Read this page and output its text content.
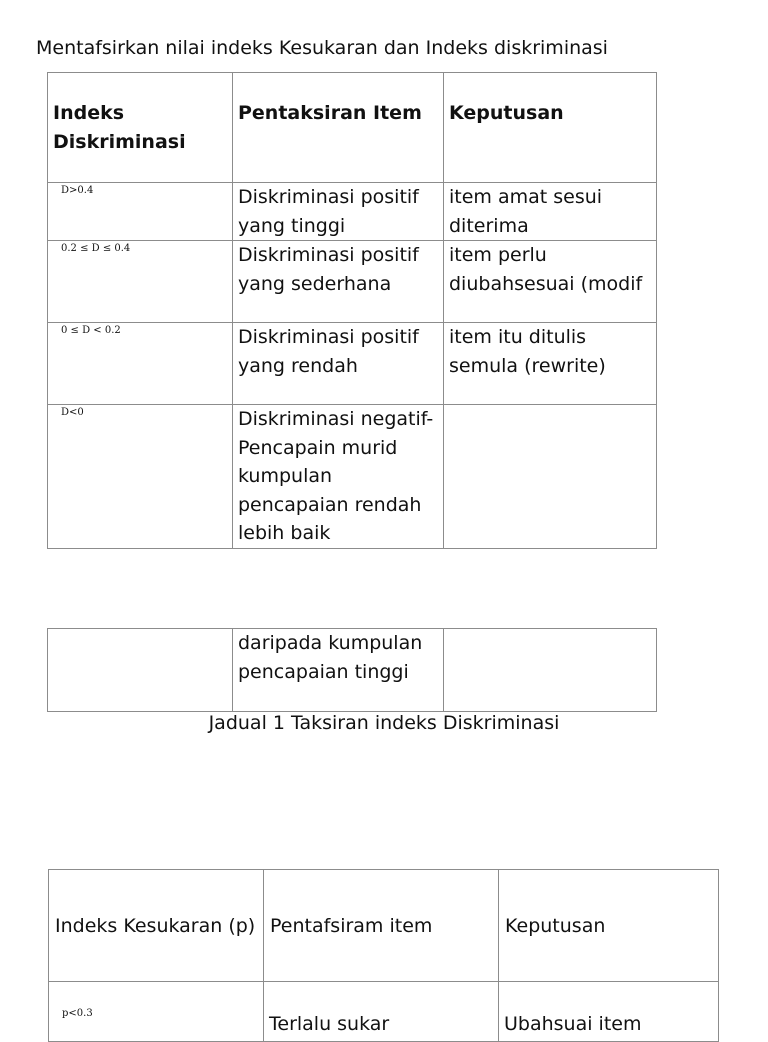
Mentafsirkan nilai indeks Kesukaran dan Indeks diskriminasi
Indeks Diskriminasi	Pentaksiran Item	Keputusan

D>0.4	Diskriminasi positif yang tinggi	item amat sesui diterima

0.2 ≤ D ≤ 0.4	Diskriminasi positif yang sederhana	item perlu diubahsesuai (modif

0 ≤ D < 0.2	Diskriminasi positif yang rendah	item itu ditulis semula (rewrite)

D<0	Diskriminasi negatif- Pencapain murid kumpulan pencapaian rendah lebih baik	
	daripada kumpulan pencapaian tinggi	
Jadual 1 Taksiran indeks Diskriminasi
Indeks Kesukaran (p)	Pentafsiram item	Keputusan

p<0.3	Terlalu sukar	Ubahsuai item
